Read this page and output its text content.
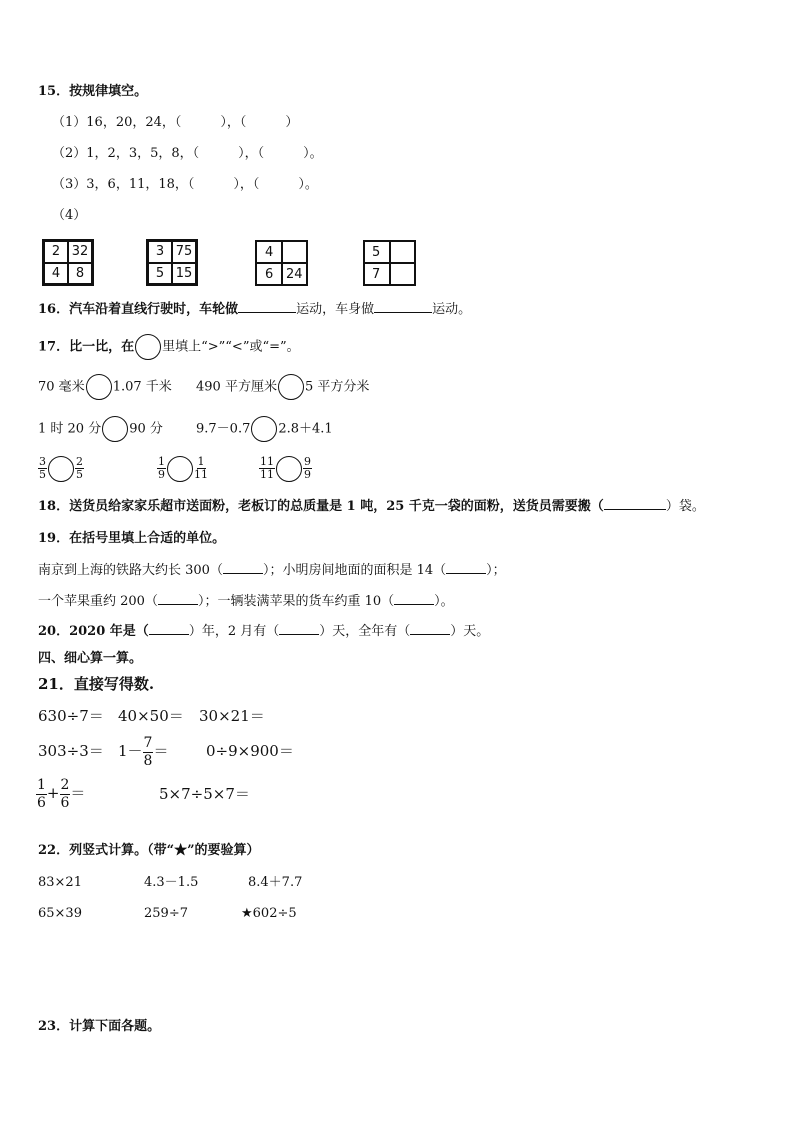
15．按规律填空。
（1）16，20，24，（　　　），（　　　）
（2）1，2，3，5，8，（　　　），（　　　）。
（3）3，6，11，18，（　　　），（　　　）。
（4）
2 32
4	8
3 75
5 15
4
6 24
5
7
16．汽车沿着直线行驶时，车轮做	运动，车身做	运动。
17．比一比，在 里填上“>”“<”或“=”。
70 毫米 1.07 千米 490 平方厘米 5 平方分米
1 时 20 分 90 分	9.7－0.7 2.8＋4.1
$\frac{3}{5}$	$\frac{2}{5}$	$\frac{1}{9}$	$\frac{1}{11}$	$\frac{11}{11}$	$\frac{9}{9}$
18．送货员给家家乐超市送面粉，老板订的总质量是 1 吨，25 千克一袋的面粉，送货员需要搬（	）袋。
19．在括号里填上合适的单位。
南京到上海的铁路大约长 300（	）；小明房间地面的面积是 14（	）；
一个苹果重约 200（	）；一辆装满苹果的货车约重 10（	）。
20．2020 年是（	）年，2 月有（	）天，全年有（	）天。
四、细心算一算。
21．直接写得数.
630÷7＝ 40×50＝ 30×21＝
$303\div 3= 1- \frac{7}{8}$ ＝	0÷9×900＝
$\frac{1}{6} + \frac{2}{6}$ ＝	5×7÷5×7＝
22．列竖式计算。（带“★”的要验算）
83×21	4.3－1.5	8.4＋7.7
65×39	259÷7	★602÷5
23．计算下面各题。
